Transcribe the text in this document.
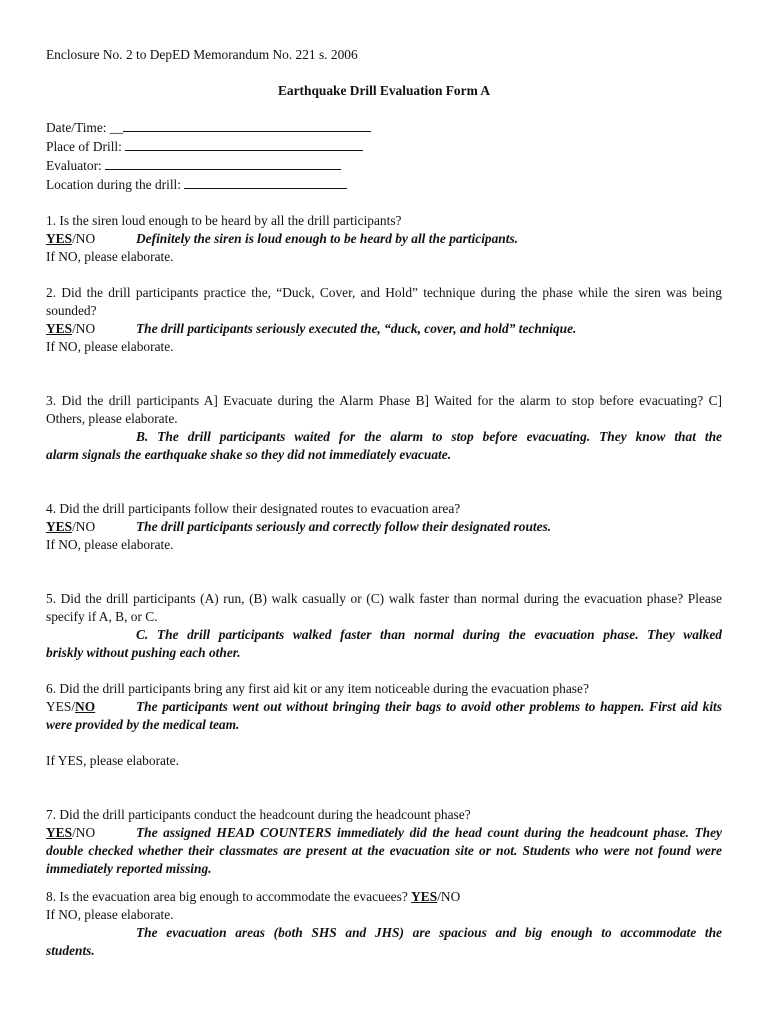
Enclosure No. 2 to DepED Memorandum No. 221 s. 2006

Earthquake Drill Evaluation Form A

Date/Time: __

Place of Drill:

Evaluator:

Location during the drill:

1. Is the siren loud enough to be heard by all the drill participants?

YES/NO	Definitely the siren is loud enough to be heard by all the participants.

If NO, please elaborate.

2. Did the drill participants practice the, “Duck, Cover, and Hold” technique during the phase while the siren was being sounded?

YES/NO	The drill participants seriously executed the, “duck, cover, and hold” technique.

If NO, please elaborate.

3. Did the drill participants A] Evacuate during the Alarm Phase B] Waited for the alarm to stop before evacuating? C] Others, please elaborate.

B. The drill participants waited for the alarm to stop before evacuating. They know that the

alarm signals the earthquake shake so they did not immediately evacuate.

4. Did the drill participants follow their designated routes to evacuation area?

YES/NO	The drill participants seriously and correctly follow their designated routes.

If NO, please elaborate.

5. Did the drill participants (A) run, (B) walk casually or (C) walk faster than normal during the evacuation phase? Please specify if A, B, or C.

C. The drill participants walked faster than normal during the evacuation phase. They walked

briskly without pushing each other.

6. Did the drill participants bring any first aid kit or any item noticeable during the evacuation phase?

YES/NO	The participants went out without bringing their bags to avoid other problems to happen. First aid kits were provided by the medical team.

If YES, please elaborate.

7. Did the drill participants conduct the headcount during the headcount phase?

YES/NO	The assigned HEAD COUNTERS immediately did the head count during the headcount phase. They double checked whether their classmates are present at the evacuation site or not. Students who were not found were immediately reported missing.

8. Is the evacuation area big enough to accommodate the evacuees? YES/NO

If NO, please elaborate.

The evacuation areas (both SHS and JHS) are spacious and big enough to accommodate the

students.
